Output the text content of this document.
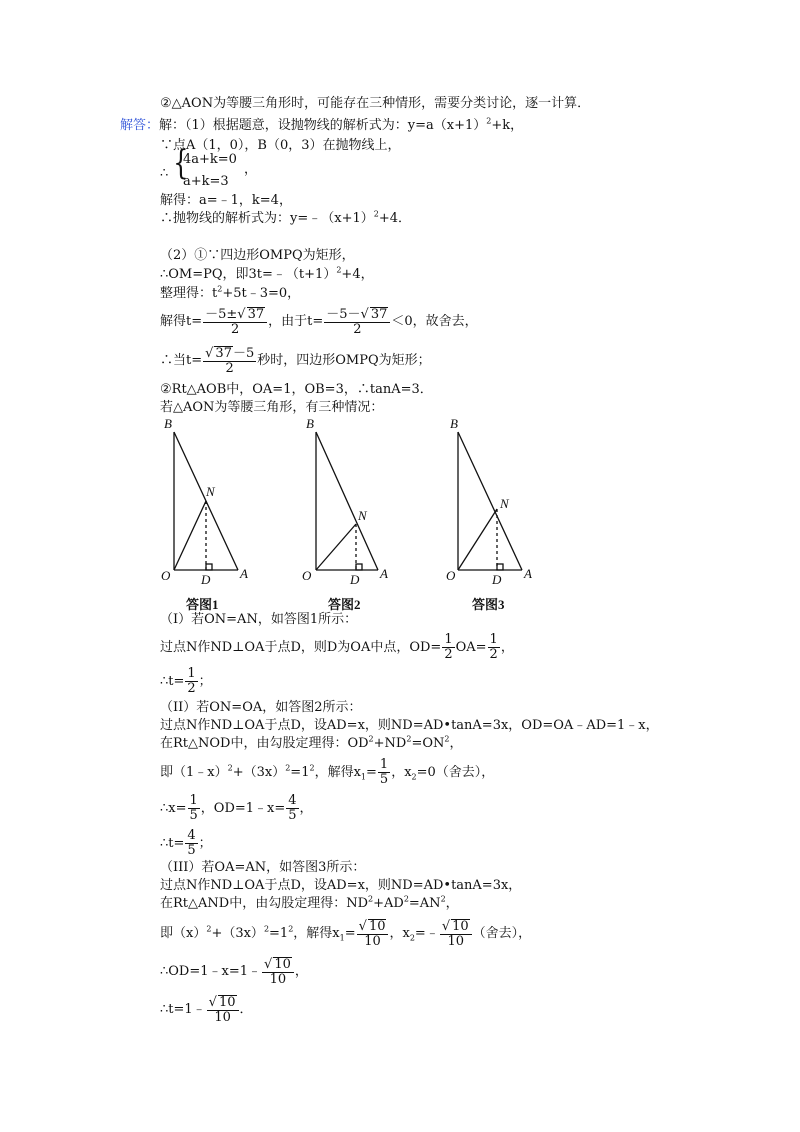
②△AON为等腰三角形时，可能存在三种情形，需要分类讨论，逐一计算．
解答：解：（1）根据题意，设抛物线的解析式为：$y=a(x+1)^2+k$，
∵点A（1，0），B（0，3）在抛物线上，
∴ {
4a+k=0
a+k=3
，
解得：a=﹣1，k=4，
∴抛物线的解析式为：$y=﹣(x+1)^2+4$．
（2）①∵四边形OMPQ为矩形，
∴OM=PQ，即$3t=﹣(t+1)^2+4$，
整理得：$t^2+5t﹣3=0$，
解得$t= \frac{-5\pm√ 37}{2}$ ，由于$t= \frac{-5-√ 37}{2} <0$，故舍去，
∴当$t= \frac{√ 37-5}{2}$ 秒时，四边形OMPQ为矩形；
②Rt△AOB中，OA=1，OB=3，∴tanA=3．
若△AON为等腰三角形，有三种情况：
B
N
O D A
B
N
O	D A
B
N
O	D A
答图1	答图2	答图3
（I）若ON=AN，如答图1所示：
过点N作ND⊥OA于点D，则D为OA中点，$OD= \frac{1}{2} OA= \frac{1}{2}$ ，
∴t= $\frac{1}{2}$ ；
（II）若ON=OA，如答图2所示：
过点N作ND⊥OA于点D，设AD=x，则ND=AD•tanA=3x，OD=OA﹣AD=1﹣x，
在Rt△NOD中，由勾股定理得：$OD^2+ND^2=ON^2$，
即$(1﹣x)^2+(3x)^2=1^2$，解得$x_1= \frac{1}{5}$ ，$x_2=0$（舍去），
∴x= $\frac{1}{5}$ ，OD=1﹣x= $\frac{4}{5}$ ，
∴t= $\frac{4}{5}$ ；
（III）若OA=AN，如答图3所示：
过点N作ND⊥OA于点D，设AD=x，则ND=AD•tanA=3x，
在Rt△AND中，由勾股定理得：$ND^2+AD^2=AN^2$，
即$(x)^2+(3x)^2=1^2$，解得$x_1= \frac{√ 10}{10}$ ，$x_2=﹣ \frac{√ 10}{10}$ （舍去），
∴OD=1﹣x=1﹣ $\frac{√ 10}{10}$ ，
∴t=1﹣ $\frac{√ 10}{10}$ ．
